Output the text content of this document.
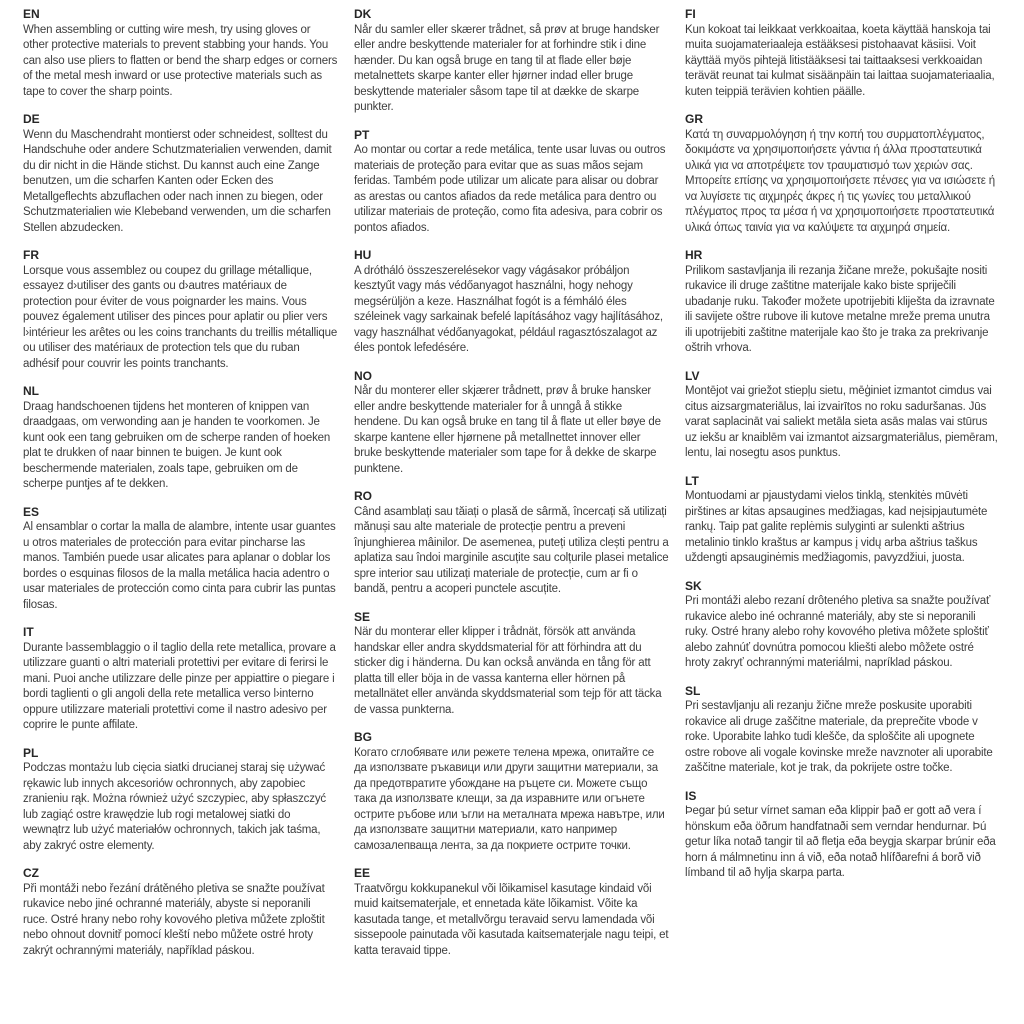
EN

When assembling or cutting wire mesh, try using gloves or other protective materials to prevent stabbing your hands. You can also use pliers to flatten or bend the sharp edges or corners of the metal mesh inward or use protective materials such as tape to cover the sharp points.

DE

Wenn du Maschendraht montierst oder schneidest, solltest du Handschuhe oder andere Schutzmaterialien verwenden, damit du dir nicht in die Hände stichst. Du kannst auch eine Zange benutzen, um die scharfen Kanten oder Ecken des Metallgeflechts abzuflachen oder nach innen zu biegen, oder Schutzmaterialien wie Klebeband verwenden, um die scharfen Stellen abzudecken.

FR

Lorsque vous assemblez ou coupez du grillage métallique, essayez d›utiliser des gants ou d›autres matériaux de protection pour éviter de vous poignarder les mains. Vous pouvez également utiliser des pinces pour aplatir ou plier vers l›intérieur les arêtes ou les coins tranchants du treillis métallique ou utiliser des matériaux de protection tels que du ruban adhésif pour couvrir les points tranchants.

NL

Draag handschoenen tijdens het monteren of knippen van draadgaas, om verwonding aan je handen te voorkomen. Je kunt ook een tang gebruiken om de scherpe randen of hoeken plat te drukken of naar binnen te buigen. Je kunt ook beschermende materialen, zoals tape, gebruiken om de scherpe puntjes af te dekken.

ES

Al ensamblar o cortar la malla de alambre, intente usar guantes u otros materiales de protección para evitar pincharse las manos. También puede usar alicates para aplanar o doblar los bordes o esquinas filosos de la malla metálica hacia adentro o usar materiales de protección como cinta para cubrir las puntas filosas.

IT

Durante l›assemblaggio o il taglio della rete metallica, provare a utilizzare guanti o altri materiali protettivi per evitare di ferirsi le mani. Puoi anche utilizzare delle pinze per appiattire o piegare i bordi taglienti o gli angoli della rete metallica verso l›interno oppure utilizzare materiali protettivi come il nastro adesivo per coprire le punte affilate.

PL

Podczas montażu lub cięcia siatki drucianej staraj się używać rękawic lub innych akcesoriów ochronnych, aby zapobiec zranieniu rąk. Można również użyć szczypiec, aby spłaszczyć lub zagiąć ostre krawędzie lub rogi metalowej siatki do wewnątrz lub użyć materiałów ochronnych, takich jak taśma, aby zakryć ostre elementy.

CZ

Při montáži nebo řezání drátěného pletiva se snažte používat rukavice nebo jiné ochranné materiály, abyste si neporanili ruce. Ostré hrany nebo rohy kovového pletiva můžete zploštit nebo ohnout dovnitř pomocí kleští nebo můžete ostré hroty zakrýt ochrannými materiály, například páskou.

DK

Når du samler eller skærer trådnet, så prøv at bruge handsker eller andre beskyttende materialer for at forhindre stik i dine hænder. Du kan også bruge en tang til at flade eller bøje metalnettets skarpe kanter eller hjørner indad eller bruge beskyttende materialer såsom tape til at dække de skarpe punkter.

PT

Ao montar ou cortar a rede metálica, tente usar luvas ou outros materiais de proteção para evitar que as suas mãos sejam feridas. Também pode utilizar um alicate para alisar ou dobrar as arestas ou cantos afiados da rede metálica para dentro ou utilizar materiais de proteção, como fita adesiva, para cobrir os pontos afiados.

HU

A drótháló összeszerelésekor vagy vágásakor próbáljon kesztyűt vagy más védőanyagot használni, hogy nehogy megsérüljön a keze. Használhat fogót is a fémháló éles széleinek vagy sarkainak befelé lapításához vagy hajlításához, vagy használhat védőanyagokat, például ragasztószalagot az éles pontok lefedésére.

NO

Når du monterer eller skjærer trådnett, prøv å bruke hansker eller andre beskyttende materialer for å unngå å stikke hendene. Du kan også bruke en tang til å flate ut eller bøye de skarpe kantene eller hjørnene på metallnettet innover eller bruke beskyttende materialer som tape for å dekke de skarpe punktene.

RO

Când asamblați sau tăiați o plasă de sârmă, încercați să utilizați mănuși sau alte materiale de protecție pentru a preveni înjunghierea mâinilor. De asemenea, puteți utiliza clești pentru a aplatiza sau îndoi marginile ascuțite sau colțurile plasei metalice spre interior sau utilizați materiale de protecție, cum ar fi o bandă, pentru a acoperi punctele ascuțite.

SE

När du monterar eller klipper i trådnät, försök att använda handskar eller andra skyddsmaterial för att förhindra att du sticker dig i händerna. Du kan också använda en tång för att platta till eller böja in de vassa kanterna eller hörnen på metallnätet eller använda skyddsmaterial som tejp för att täcka de vassa punkterna.

BG

Когато сглобявате или режете телена мрежа, опитайте се да използвате ръкавици или други защитни материали, за да предотвратите убождане на ръцете си. Можете също така да използвате клещи, за да изравните или огънете острите ръбове или ъгли на металната мрежа навътре, или да използвате защитни материали, като например самозалепваща лента, за да покриете острите точки.

EE

Traatvõrgu kokkupanekul või lõikamisel kasutage kindaid või muid kaitsematerjale, et ennetada käte lõikamist. Võite ka kasutada tange, et metallvõrgu teravaid servu lamendada või sissepoole painutada või kasutada kaitsematerjale nagu teipi, et katta teravaid tippe.

FI

Kun kokoat tai leikkaat verkkoaitaa, koeta käyttää hanskoja tai muita suojamateriaaleja estääksesi pistohaavat käsiisi. Voit käyttää myös pihtejä litistääksesi tai taittaaksesi verkkoaidan terävät reunat tai kulmat sisäänpäin tai laittaa suojamateriaalia, kuten teippiä terävien kohtien päälle.

GR

Κατά τη συναρμολόγηση ή την κοπή του συρματοπλέγματος, δοκιμάστε να χρησιμοποιήσετε γάντια ή άλλα προστατευτικά υλικά για να αποτρέψετε τον τραυματισμό των χεριών σας. Μπορείτε επίσης να χρησιμοποιήσετε πένσες για να ισιώσετε ή να λυγίσετε τις αιχμηρές άκρες ή τις γωνίες του μεταλλικού πλέγματος προς τα μέσα ή να χρησιμοποιήσετε προστατευτικά υλικά όπως ταινία για να καλύψετε τα αιχμηρά σημεία.

HR

Prilikom sastavljanja ili rezanja žičane mreže, pokušajte nositi rukavice ili druge zaštitne materijale kako biste spriječili ubadanje ruku. Također možete upotrijebiti kliješta da izravnate ili savijete oštre rubove ili kutove metalne mreže prema unutra ili upotrijebiti zaštitne materijale kao što je traka za prekrivanje oštrih vrhova.

LV

Montējot vai griežot stiepļu sietu, mēģiniet izmantot cimdus vai citus aizsargmateriālus, lai izvairītos no roku saduršanas. Jūs varat saplacināt vai saliekt metāla sieta asās malas vai stūrus uz iekšu ar knaiblēm vai izmantot aizsargmateriālus, piemēram, lentu, lai nosegtu asos punktus.

LT

Montuodami ar pjaustydami vielos tinklą, stenkitės mūvėti pirštines ar kitas apsaugines medžiagas, kad neįsipjautumėte rankų. Taip pat galite replėmis sulyginti ar sulenkti aštrius metalinio tinklo kraštus ar kampus į vidų arba aštrius taškus uždengti apsauginėmis medžiagomis, pavyzdžiui, juosta.

SK

Pri montáži alebo rezaní drôteného pletiva sa snažte používať rukavice alebo iné ochranné materiály, aby ste si neporanili ruky. Ostré hrany alebo rohy kovového pletiva môžete sploštiť alebo zahnúť dovnútra pomocou kliešti alebo môžete ostré hroty zakryť ochrannými materiálmi, napríklad páskou.

SL

Pri sestavljanju ali rezanju žične mreže poskusite uporabiti rokavice ali druge zaščitne materiale, da preprečite vbode v roke. Uporabite lahko tudi klešče, da sploščite ali upognete ostre robove ali vogale kovinske mreže navznoter ali uporabite zaščitne materiale, kot je trak, da pokrijete ostre točke.

IS

Þegar þú setur vírnet saman eða klippir það er gott að vera í hönskum eða öðrum handfatnaði sem verndar hendurnar. Þú getur líka notað tangir til að fletja eða beygja skarpar brúnir eða horn á málmnetinu inn á við, eða notað hlífðarefni á borð við límband til að hylja skarpa parta.
